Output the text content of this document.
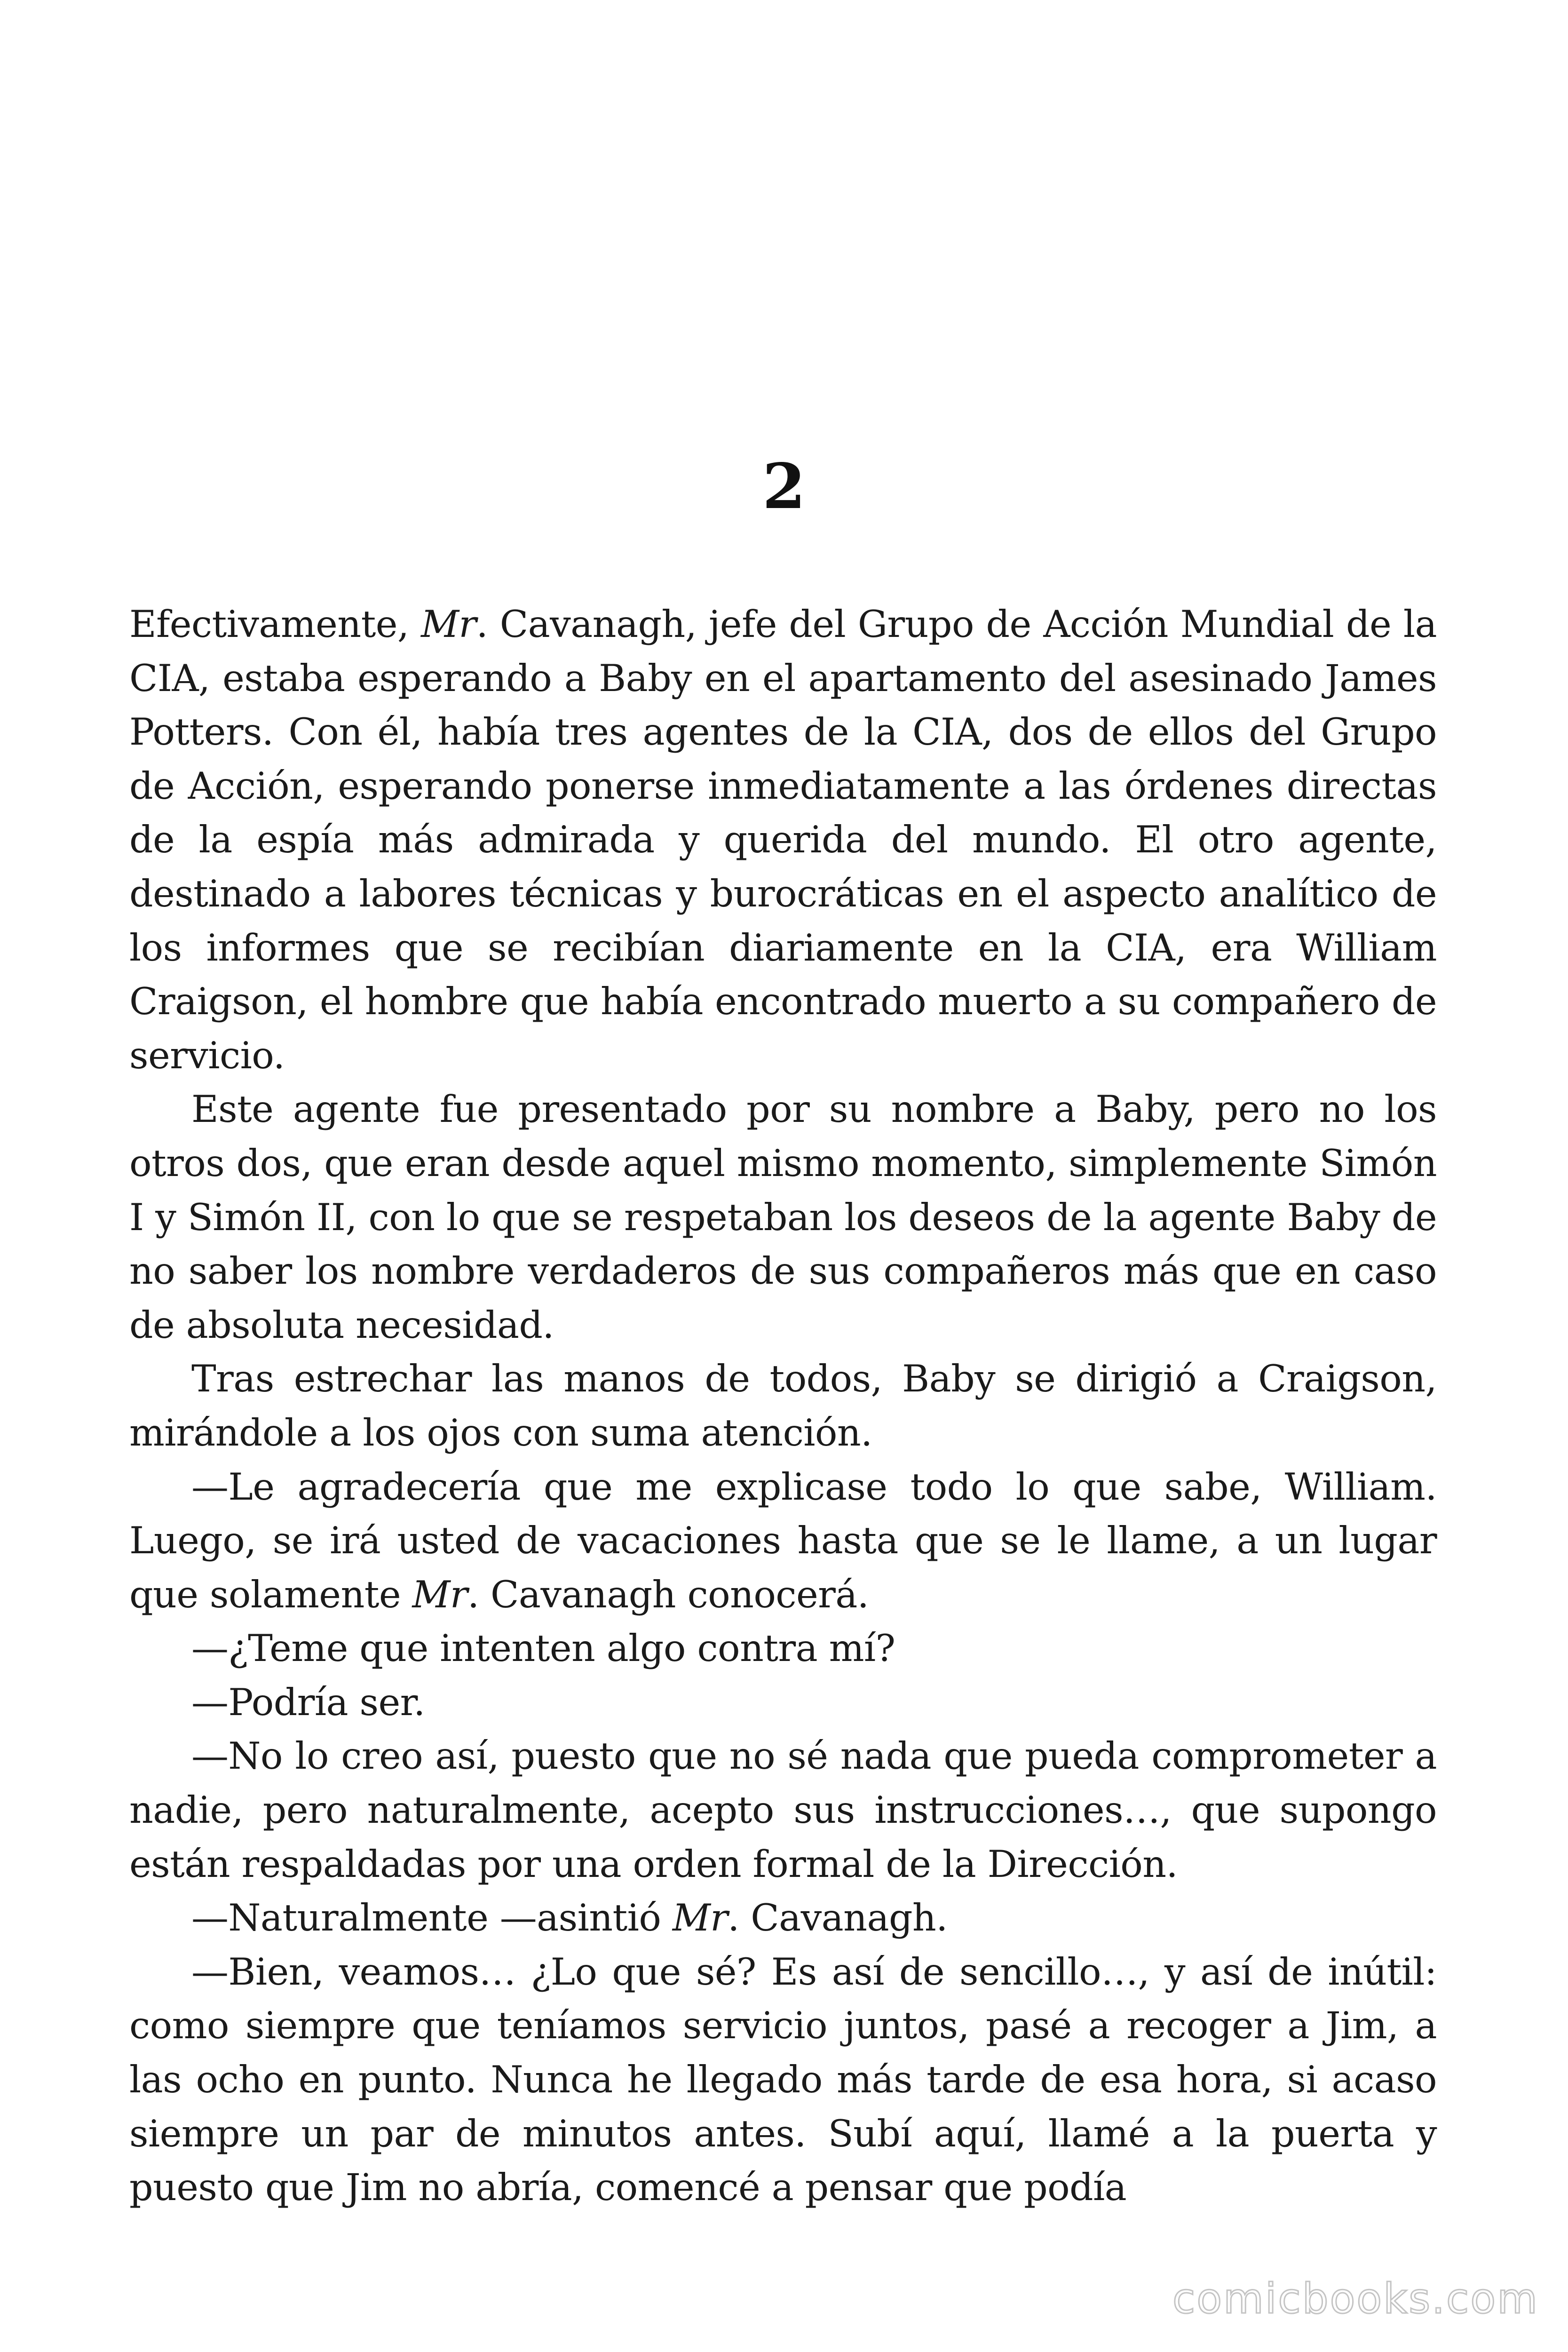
2

Efectivamente, Mr. Cavanagh, jefe del Grupo de Acción Mundial de la CIA, estaba esperando a Baby en el apartamento del asesinado James Potters. Con él, había tres agentes de la CIA, dos de ellos del Grupo de Acción, esperando ponerse inmediatamente a las órdenes directas de la espía más admirada y querida del mundo. El otro agente, destinado a labores técnicas y burocráticas en el aspecto analítico de los informes que se recibían diariamente en la CIA, era William Craigson, el hombre que había encontrado muerto a su compañero de servicio.

Este agente fue presentado por su nombre a Baby, pero no los otros dos, que eran desde aquel mismo momento, simplemente Simón I y Simón II, con lo que se respetaban los deseos de la agente Baby de no saber los nombre verdaderos de sus compañeros más que en caso de absoluta necesidad.

Tras estrechar las manos de todos, Baby se dirigió a Craigson, mirándole a los ojos con suma atención.

—Le agradecería que me explicase todo lo que sabe, William. Luego, se irá usted de vacaciones hasta que se le llame, a un lugar que solamente Mr. Cavanagh conocerá.

—¿Teme que intenten algo contra mí?

—Podría ser.

—No lo creo así, puesto que no sé nada que pueda comprometer a nadie, pero naturalmente, acepto sus instrucciones…, que supongo están respaldadas por una orden formal de la Dirección.

—Naturalmente —asintió Mr. Cavanagh.

—Bien, veamos… ¿Lo que sé? Es así de sencillo…, y así de inútil: como siempre que teníamos servicio juntos, pasé a recoger a Jim, a las ocho en punto. Nunca he llegado más tarde de esa hora, si acaso siempre un par de minutos antes. Subí aquí, llamé a la puerta y puesto que Jim no abría, comencé a pensar que podía

comicbooks.com
